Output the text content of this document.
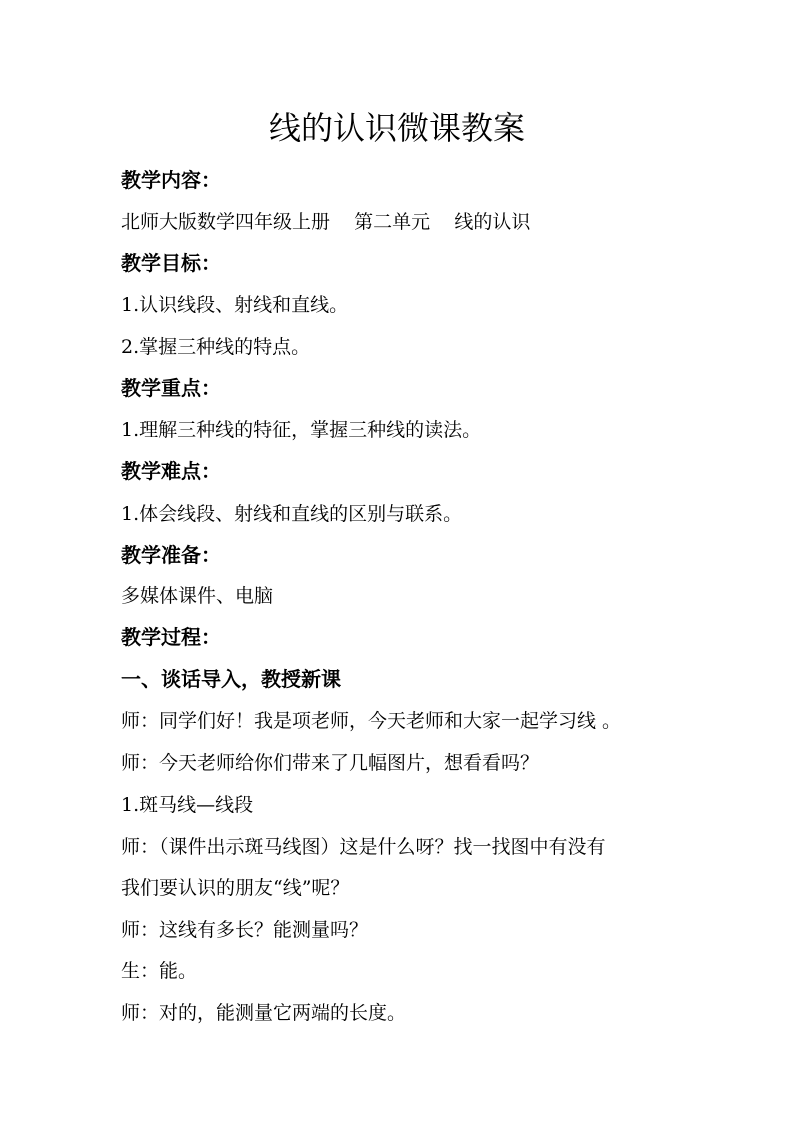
线的认识微课教案
教学内容：
北师大版数学四年级上册    第二单元    线的认识
教学目标：
1.认识线段、射线和直线。
2.掌握三种线的特点。
教学重点：
1.理解三种线的特征，掌握三种线的读法。
教学难点：
1.体会线段、射线和直线的区别与联系。
教学准备：
多媒体课件、电脑
教学过程：
一、谈话导入，教授新课
师：同学们好！我是项老师，今天老师和大家一起学习线 。
师：今天老师给你们带来了几幅图片，想看看吗？
1.斑马线—线段
师：（课件出示斑马线图）这是什么呀？找一找图中有没有
我们要认识的朋友“线”呢？
师：这线有多长？能测量吗？
生：能。
师：对的，能测量它两端的长度。
